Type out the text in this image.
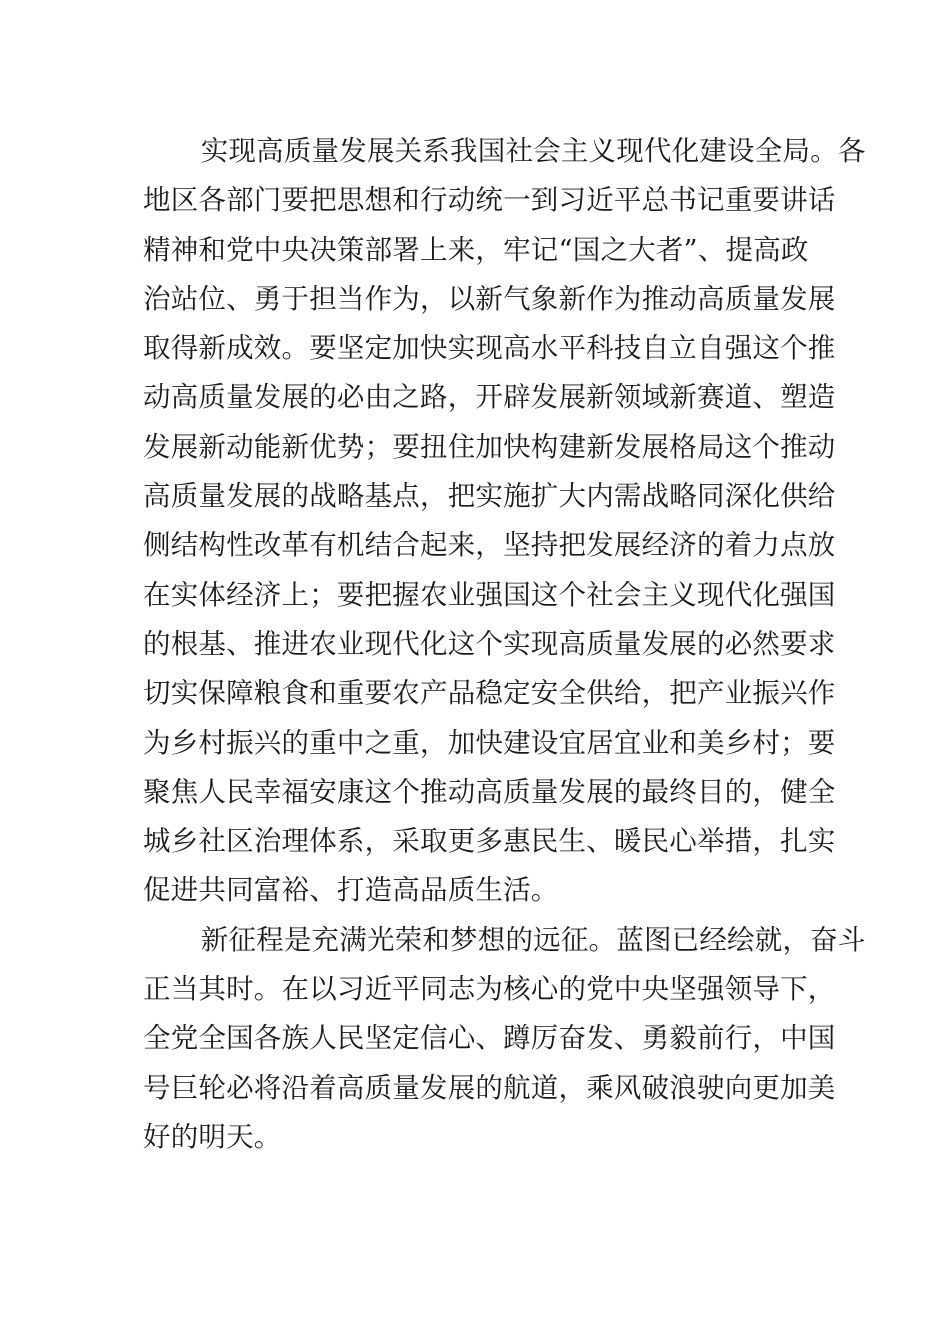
实现高质量发展关系我国社会主义现代化建设全局。各
地区各部门要把思想和行动统一到习近平总书记重要讲话
精神和党中央决策部署上来，牢记“国之大者”、提高政
治站位、勇于担当作为，以新气象新作为推动高质量发展
取得新成效。要坚定加快实现高水平科技自立自强这个推
动高质量发展的必由之路，开辟发展新领域新赛道、塑造
发展新动能新优势；要扭住加快构建新发展格局这个推动
高质量发展的战略基点，把实施扩大内需战略同深化供给
侧结构性改革有机结合起来，坚持把发展经济的着力点放
在实体经济上；要把握农业强国这个社会主义现代化强国
的根基、推进农业现代化这个实现高质量发展的必然要求
切实保障粮食和重要农产品稳定安全供给，把产业振兴作
为乡村振兴的重中之重，加快建设宜居宜业和美乡村；要
聚焦人民幸福安康这个推动高质量发展的最终目的，健全
城乡社区治理体系，采取更多惠民生、暖民心举措，扎实
促进共同富裕、打造高品质生活。
新征程是充满光荣和梦想的远征。蓝图已经绘就，奋斗
正当其时。在以习近平同志为核心的党中央坚强领导下，
全党全国各族人民坚定信心、蹲厉奋发、勇毅前行，中国
号巨轮必将沿着高质量发展的航道，乘风破浪驶向更加美
好的明天。
